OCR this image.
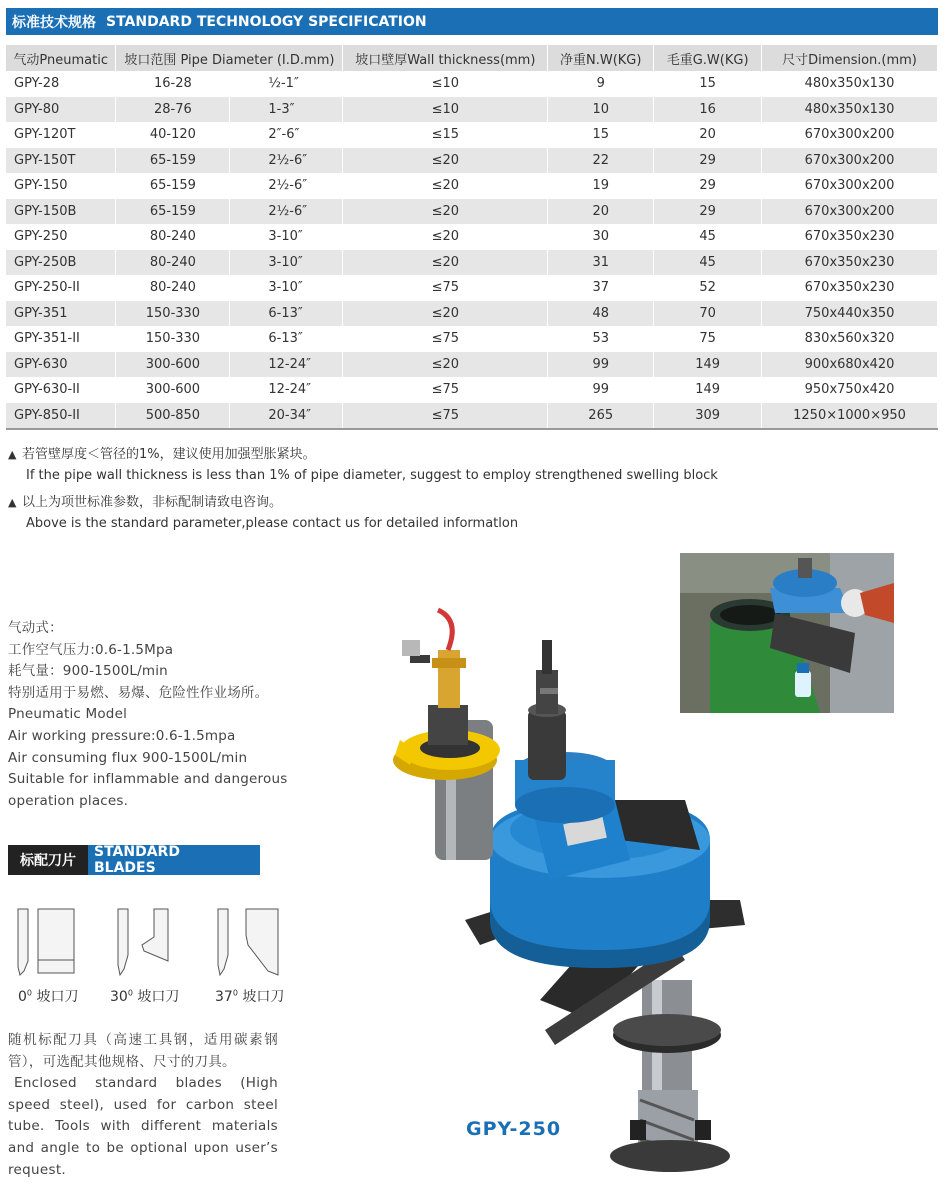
标准技术规格 STANDARD TECHNOLOGY SPECIFICATION
气动Pneumatic	坡口范围 Pipe Diameter (I.D.mm)		坡口壁厚Wall thickness(mm)	净重N.W(KG)	毛重G.W(KG)	尺寸Dimension.(mm)
GPY-28	16-28	½-1″	≤10	9	15	480x350x130
GPY-80	28-76	1-3″	≤10	10	16	480x350x130
GPY-120T	40-120	2″-6″	≤15	15	20	670x300x200
GPY-150T	65-159	2½-6″	≤20	22	29	670x300x200
GPY-150	65-159	2½-6″	≤20	19	29	670x300x200
GPY-150B	65-159	2½-6″	≤20	20	29	670x300x200
GPY-250	80-240	3-10″	≤20	30	45	670x350x230
GPY-250B	80-240	3-10″	≤20	31	45	670x350x230
GPY-250-II	80-240	3-10″	≤75	37	52	670x350x230
GPY-351	150-330	6-13″	≤20	48	70	750x440x350
GPY-351-II	150-330	6-13″	≤75	53	75	830x560x320
GPY-630	300-600	12-24″	≤20	99	149	900x680x420
GPY-630-II	300-600	12-24″	≤75	99	149	950x750x420
GPY-850-II	500-850	20-34″	≤75	265	309	1250×1000×950
▲ 若管壁厚度＜管径的1%，建议使用加强型胀紧块。
If the pipe wall thickness is less than 1% of pipe diameter, suggest to employ strengthened swelling block
▲ 以上为项世标准参数，非标配制请致电咨询。
Above is the standard parameter,please contact us for detailed informatlon
气动式：
工作空气压力:0.6-1.5Mpa
耗气量：900-1500L/min
特别适用于易燃、易爆、危险性作业场所。
Pneumatic Model
Air working pressure:0.6-1.5mpa
Air consuming flux 900-1500L/min
Suitable for inflammable and dangerous
operation places.
标配刀片
STANDARD BLADES
$0^0$ 坡口刀 $30^0$ 坡口刀	$37^0$ 坡口刀
随机标配刀具（高速工具钢，适用碳素钢管），可选配其他规格、尺寸的刀具。
Enclosed standard blades (High speed steel), used for carbon steel tube. Tools with different materials and angle to be optional upon user’s request.
GPY-250
